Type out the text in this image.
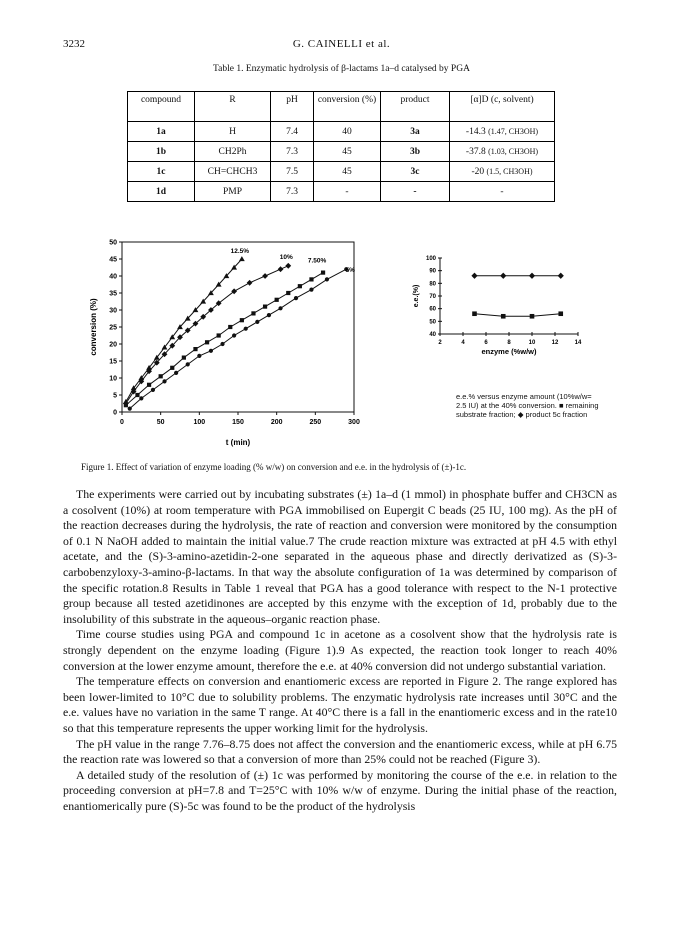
3232	G. CAINELLI et al.
Table 1. Enzymatic hydrolysis of β-lactams 1a–d catalysed by PGA
compound	R	pH	conversion (%)	product	[α]D (c, solvent)
1a	H	7.4	40	3a	-14.3 (1.47, CH3OH)
1b	CH2Ph	7.3	45	3b	-37.8 (1.03, CH3OH)
1c	CH=CHCH3	7.5	45	3c	-20 (1.5, CH3OH)
1d	PMP	7.3	-	-	-
0
5
10
15
20
25
30
35
40
45
50
0	50	100	150	200	250	300
t (min)
conversion (%)
12.5%
10%
7.50%
5%
40
50
60
70
80
90
100
2	4	6	8	10	12	14
enzyme (%w/w)
e.e.(%)
e.e.% versus enzyme amount (10%w/w= 2.5 IU) at the 40% conversion. ■ remaining substrate fraction; ◆ product 5c fraction
Figure 1. Effect of variation of enzyme loading (% w/w) on conversion and e.e. in the hydrolysis of (±)-1c.

The experiments were carried out by incubating substrates (±) 1a–d (1 mmol) in phosphate buffer and CH3CN as a cosolvent (10%) at room temperature with PGA immobilised on Eupergit C beads (25 IU, 100 mg). As the pH of the reaction decreases during the hydrolysis, the rate of reaction and conversion were monitored by the consumption of 0.1 N NaOH added to maintain the initial value.7 The crude reaction mixture was extracted at pH 4.5 with ethyl acetate, and the (S)-3-amino-azetidin-2-one separated in the aqueous phase and directly derivatized as (S)-3-carbobenzyloxy-3-amino-β-lactams. In that way the absolute configuration of 1a was determined by comparison of the specific rotation.8 Results in Table 1 reveal that PGA has a good tolerance with respect to the N-1 protective group because all tested azetidinones are accepted by this enzyme with the exception of 1d, probably due to the insolubility of this substrate in the aqueous–organic reaction phase.

Time course studies using PGA and compound 1c in acetone as a cosolvent show that the hydrolysis rate is strongly dependent on the enzyme loading (Figure 1).9 As expected, the reaction took longer to reach 40% conversion at the lower enzyme amount, therefore the e.e. at 40% conversion did not undergo substantial variation.

The temperature effects on conversion and enantiomeric excess are reported in Figure 2. The range explored has been lower-limited to 10°C due to solubility problems. The enzymatic hydrolysis rate increases until 30°C and the e.e. values have no variation in the same T range. At 40°C there is a fall in the enantiomeric excess and in the rate10 so that this temperature represents the upper working limit for the hydrolysis.

The pH value in the range 7.76–8.75 does not affect the conversion and the enantiomeric excess, while at pH 6.75 the reaction rate was lowered so that a conversion of more than 25% could not be reached (Figure 3).

A detailed study of the resolution of (±) 1c was performed by monitoring the course of the e.e. in relation to the proceeding conversion at pH=7.8 and T=25°C with 10% w/w of enzyme. During the initial phase of the reaction, enantiomerically pure (S)-5c was found to be the product of the hydrolysis
